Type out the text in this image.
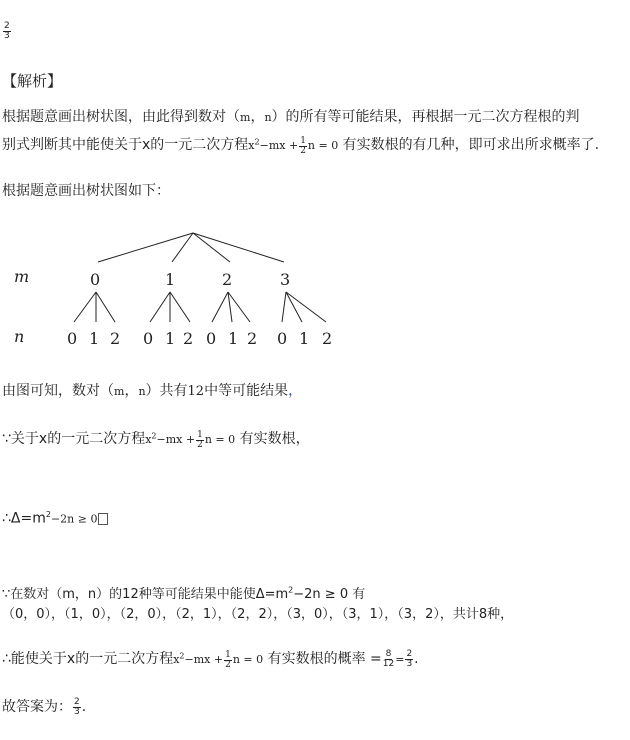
$\frac{2}{3}$
【解析】
根据题意画出树状图，由此得到数对（m，n）的所有等可能结果，再根据一元二次方程根的判
别式判断其中能使关于x的一元二次方程$x^2-mx + \frac{1}{2}$ n = 0 有实数根的有几种，即可求出所求概率了.
根据题意画出树状图如下：
m
n
0	1	2	3
0 1 2 0 1 2 0 1 2 0 1 2
由图可知，数对（m，n）共有12中等可能结果，
∵关于x的一元二次方程$x^2-mx + \frac{1}{2}$ n = 0 有实数根，
$\therefore\Delta=m^2-2n \ge 0$
∵在数对（m，n）的12种等可能结果中能使$\Delta=m^2-2n \ge 0$ 有
（0，0），（1，0），（2，0），（2，1），（2，2），（3，0），（3，1），（3，2），共计8种，
∴能使关于x的一元二次方程$x^2-mx + \frac{1}{2}$ n = 0 有实数根的概率 = $\frac{8}{12} = \frac{2}{3}$ .
故答案为： $\frac{2}{3}$ .
